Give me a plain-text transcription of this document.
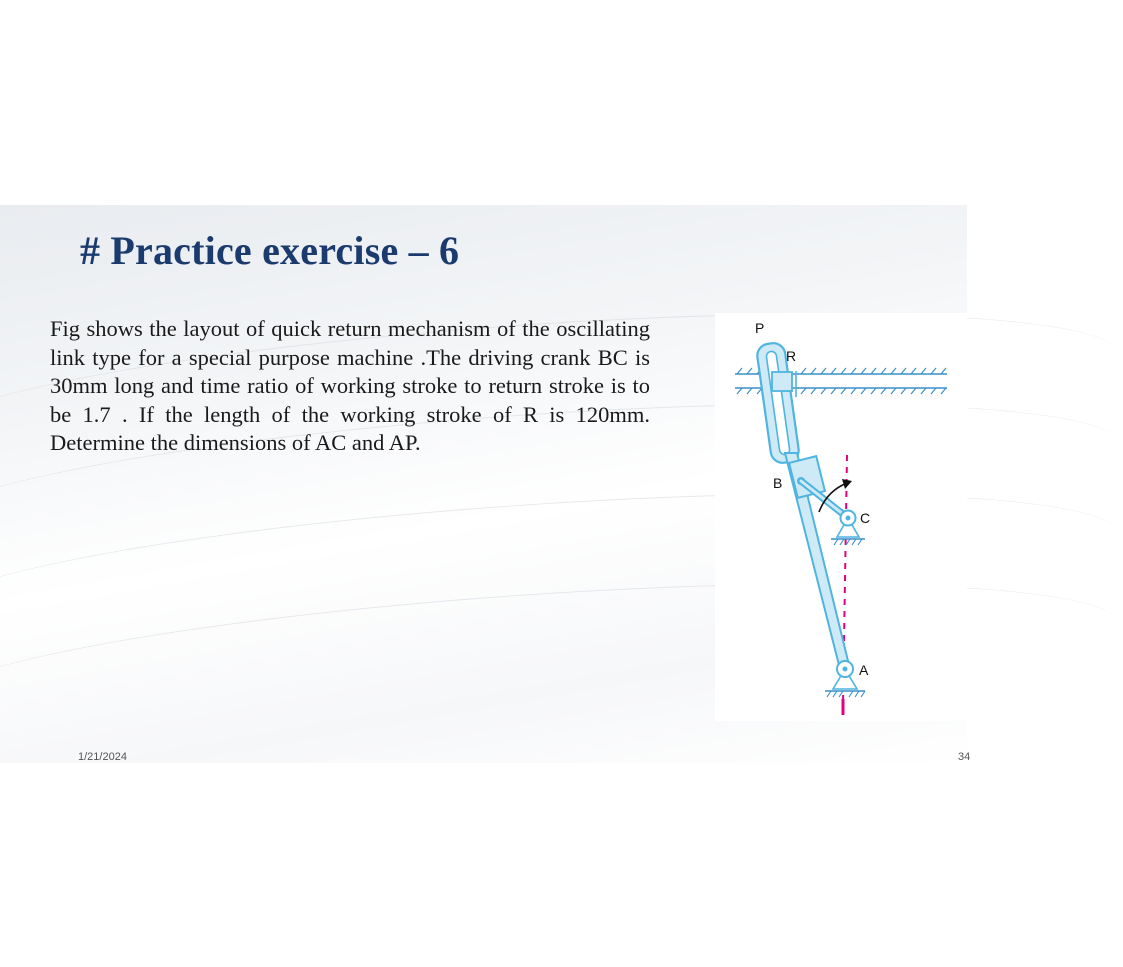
# Practice exercise – 6

Fig shows the layout of quick return mechanism of the oscillating link type for a special purpose machine .The driving crank BC is 30mm long and time ratio of working stroke to return stroke is to be 1.7 . If the length of the working stroke of R is 120mm. Determine the dimensions of AC and AP.

P
R
B
C
A
1/21/2024	34
